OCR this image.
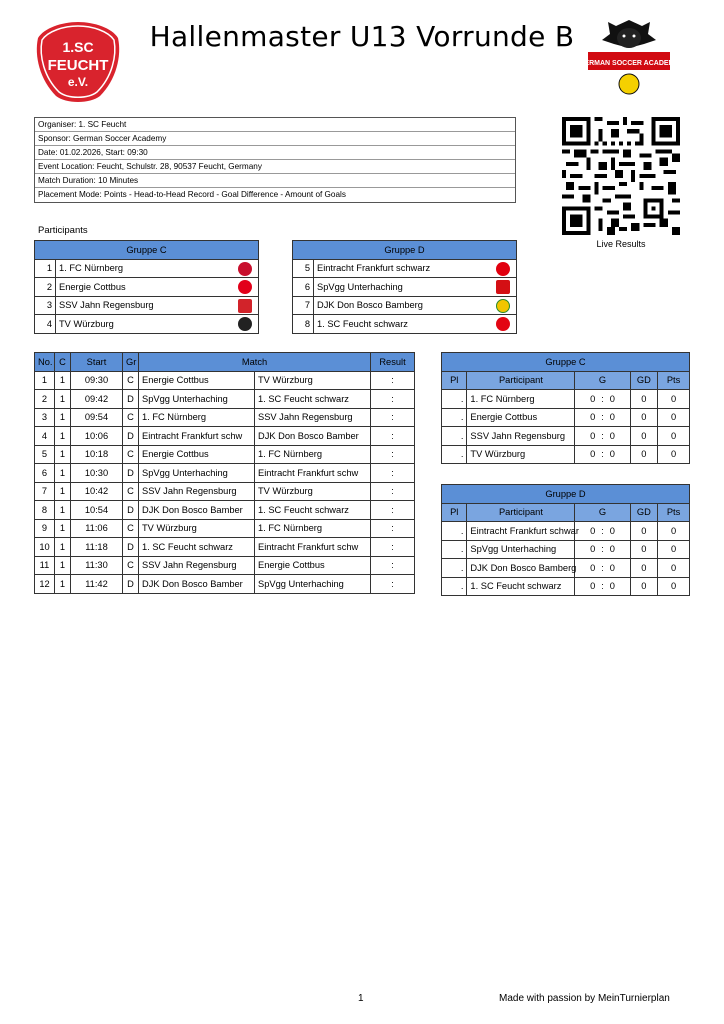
Hallenmaster U13 Vorrunde B
1.SC
FEUCHT
e.V.
GERMAN SOCCER ACADEMY
Organiser: 1. SC Feucht
Sponsor: German Soccer Academy
Date: 01.02.2026, Start: 09:30
Event Location: Feucht, Schulstr. 28, 90537 Feucht, Germany
Match Duration: 10 Minutes
Placement Mode: Points - Head-to-Head Record - Goal Difference - Amount of Goals
Live Results
Participants
Gruppe C	
1	1. FC Nürnberg

2	Energie Cottbus

3	SSV Jahn Regensburg

4	TV Würzburg
Gruppe D	
5	Eintracht Frankfurt schwarz

6	SpVgg Unterhaching

7	DJK Don Bosco Bamberg

8	1. SC Feucht schwarz
No.	C	Start	Gr	Match		Result
1	1	09:30	C	Energie Cottbus	TV Würzburg	:
2	1	09:42	D	SpVgg Unterhaching	1. SC Feucht schwarz	:
3	1	09:54	C	1. FC Nürnberg	SSV Jahn Regensburg	:
4	1	10:06	D	Eintracht Frankfurt schw	DJK Don Bosco Bamber	:
5	1	10:18	C	Energie Cottbus	1. FC Nürnberg	:
6	1	10:30	D	SpVgg Unterhaching	Eintracht Frankfurt schw	:
7	1	10:42	C	SSV Jahn Regensburg	TV Würzburg	:
8	1	10:54	D	DJK Don Bosco Bamber	1. SC Feucht schwarz	:
9	1	11:06	C	TV Würzburg	1. FC Nürnberg	:
10	1	11:18	D	1. SC Feucht schwarz	Eintracht Frankfurt schw	:
11	1	11:30	C	SSV Jahn Regensburg	Energie Cottbus	:
12	1	11:42	D	DJK Don Bosco Bamber	SpVgg Unterhaching	:
Gruppe C						
Pl	Participant	G			GD	Pts
.	1. FC Nürnberg	0	:	0	0	0
.	Energie Cottbus	0	:	0	0	0
.	SSV Jahn Regensburg	0	:	0	0	0
.	TV Würzburg	0	:	0	0	0
Gruppe D						
Pl	Participant	G			GD	Pts
.	Eintracht Frankfurt schwar	0	:	0	0	0
.	SpVgg Unterhaching	0	:	0	0	0
.	DJK Don Bosco Bamberg	0	:	0	0	0
.	1. SC Feucht schwarz	0	:	0	0	0
1	Made with passion by MeinTurnierplan
